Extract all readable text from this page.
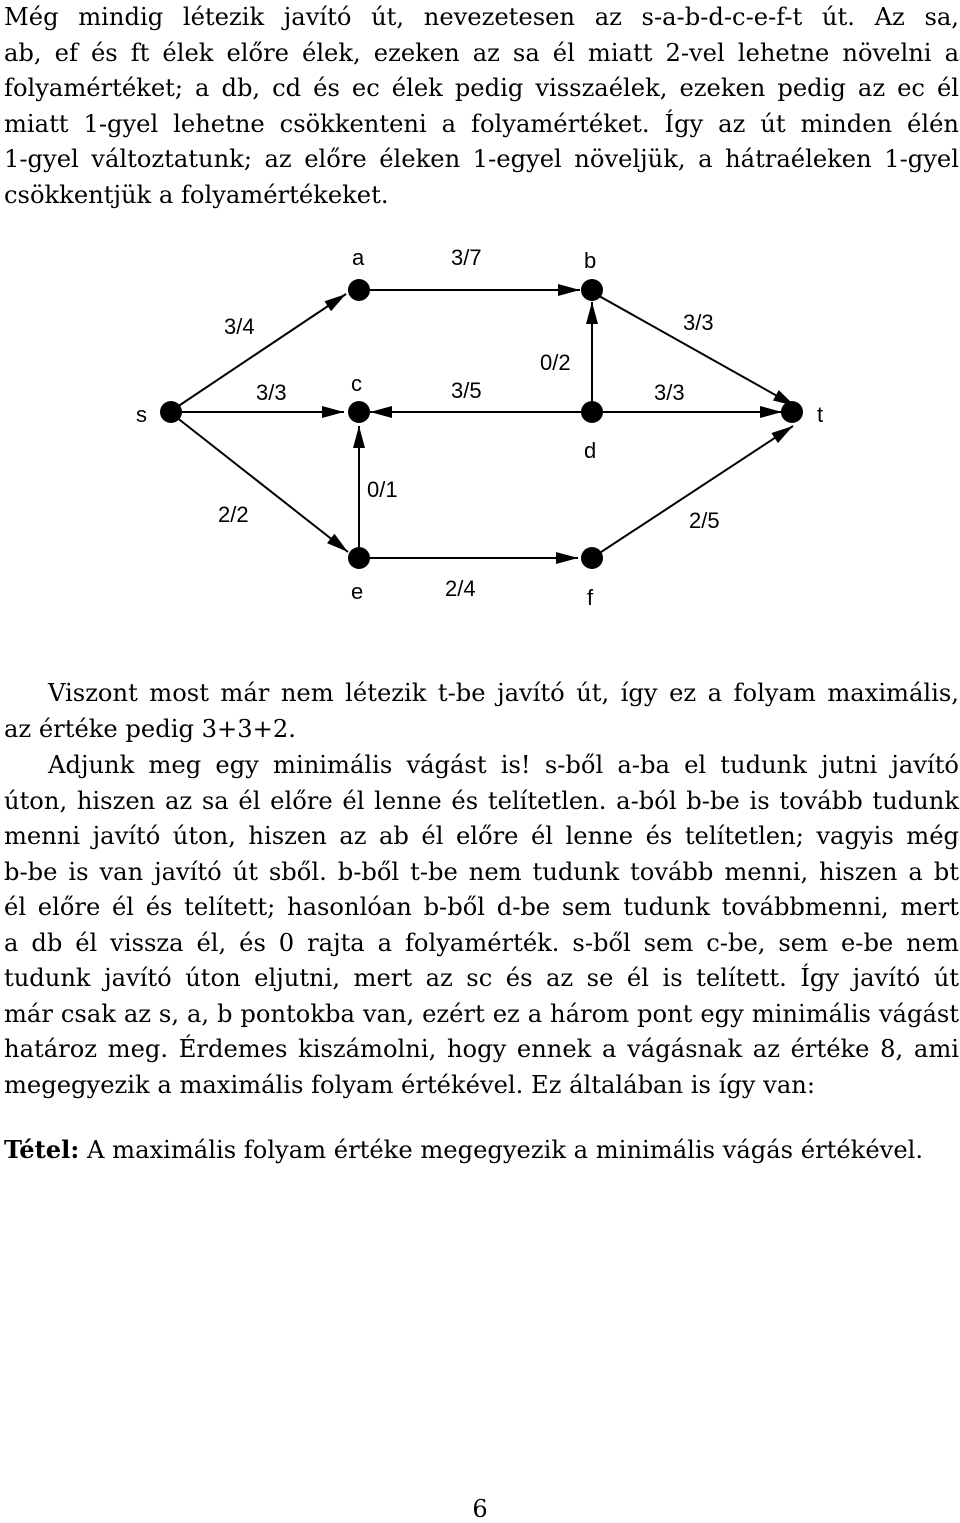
Még mindig létezik javító út, nevezetesen az s-a-b-d-c-e-f-t út. Az sa,
ab, ef és ft élek előre élek, ezeken az sa él miatt 2-vel lehetne növelni a
folyamértéket; a db, cd és ec élek pedig visszaélek, ezeken pedig az ec él
miatt 1-gyel lehetne csökkenteni a folyamértéket. Így az út minden élén
1-gyel változtatunk; az előre éleken 1-egyel növeljük, a hátraéleken 1-gyel
csökkentjük a folyamértékeket.
s
a	b
c
d
e	f
t
3/4
3/7
3/3
3/3	3/5
0/2
3/3
0/1
2/2
2/4
2/5
Viszont most már nem létezik t-be javító út, így ez a folyam maximális,
az értéke pedig 3+3+2.
Adjunk meg egy minimális vágást is! s-ből a-ba el tudunk jutni javító
úton, hiszen az sa él előre él lenne és telítetlen. a-ból b-be is tovább tudunk
menni javító úton, hiszen az ab él előre él lenne és telítetlen; vagyis még
b-be is van javító út sből. b-ből t-be nem tudunk tovább menni, hiszen a bt
él előre él és telített; hasonlóan b-ből d-be sem tudunk továbbmenni, mert
a db él vissza él, és 0 rajta a folyamérték. s-ből sem c-be, sem e-be nem
tudunk javító úton eljutni, mert az sc és az se él is telített. Így javító út
már csak az s, a, b pontokba van, ezért ez a három pont egy minimális vágást
határoz meg. Érdemes kiszámolni, hogy ennek a vágásnak az értéke 8, ami
megegyezik a maximális folyam értékével. Ez általában is így van:
Tétel: A maximális folyam értéke megegyezik a minimális vágás értékével.
6
